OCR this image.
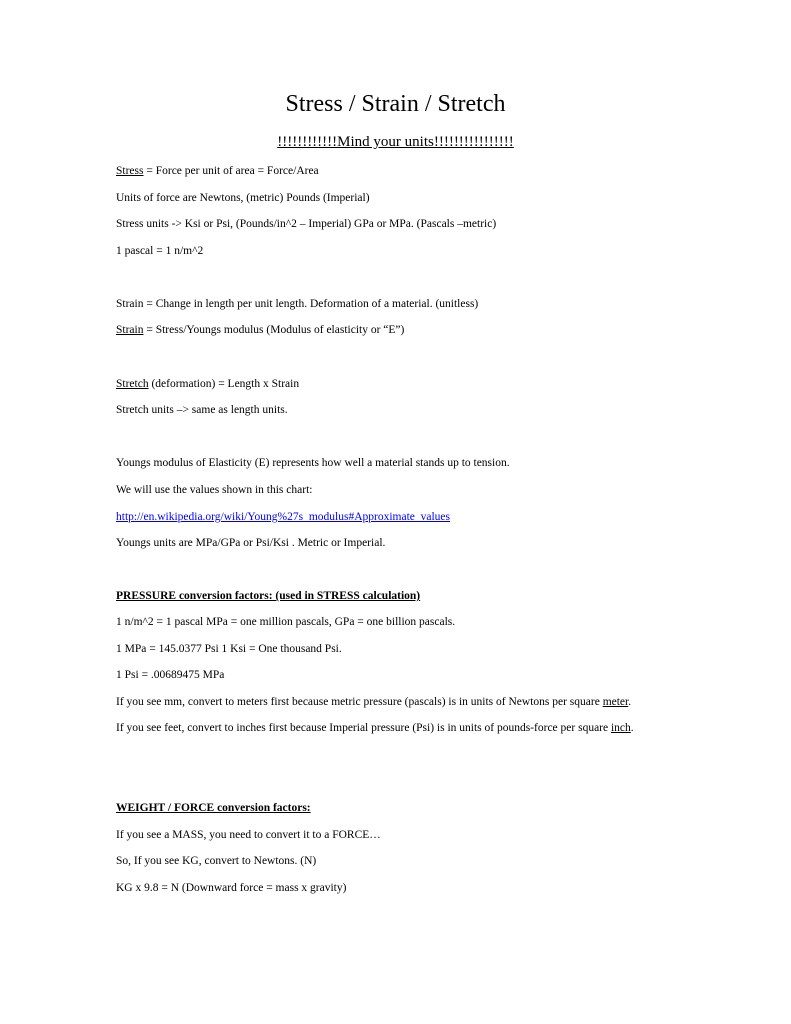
Stress / Strain / Stretch

!!!!!!!!!!!!Mind your units!!!!!!!!!!!!!!!!

Stress = Force per unit of area = Force/Area
Units of force are Newtons, (metric) Pounds (Imperial)
Stress units -> Ksi or Psi, (Pounds/in^2 – Imperial) GPa or MPa. (Pascals –metric)
1 pascal = 1 n/m^2
Strain = Change in length per unit length. Deformation of a material. (unitless)
Strain = Stress/Youngs modulus (Modulus of elasticity or “E”)
Stretch (deformation) = Length x Strain
Stretch units –> same as length units.
Youngs modulus of Elasticity (E) represents how well a material stands up to tension.
We will use the values shown in this chart:
http://en.wikipedia.org/wiki/Young%27s_modulus#Approximate_values
Youngs units are MPa/GPa or Psi/Ksi . Metric or Imperial.
PRESSURE conversion factors: (used in STRESS calculation)
1 n/m^2 = 1 pascal MPa = one million pascals, GPa = one billion pascals.
1 MPa = 145.0377 Psi 1 Ksi = One thousand Psi.
1 Psi = .00689475 MPa
If you see mm, convert to meters first because metric pressure (pascals) is in units of Newtons per square meter.
If you see feet, convert to inches first because Imperial pressure (Psi) is in units of pounds-force per square inch.
WEIGHT / FORCE conversion factors:
If you see a MASS, you need to convert it to a FORCE…
So, If you see KG, convert to Newtons. (N)
KG x 9.8 = N (Downward force = mass x gravity)
